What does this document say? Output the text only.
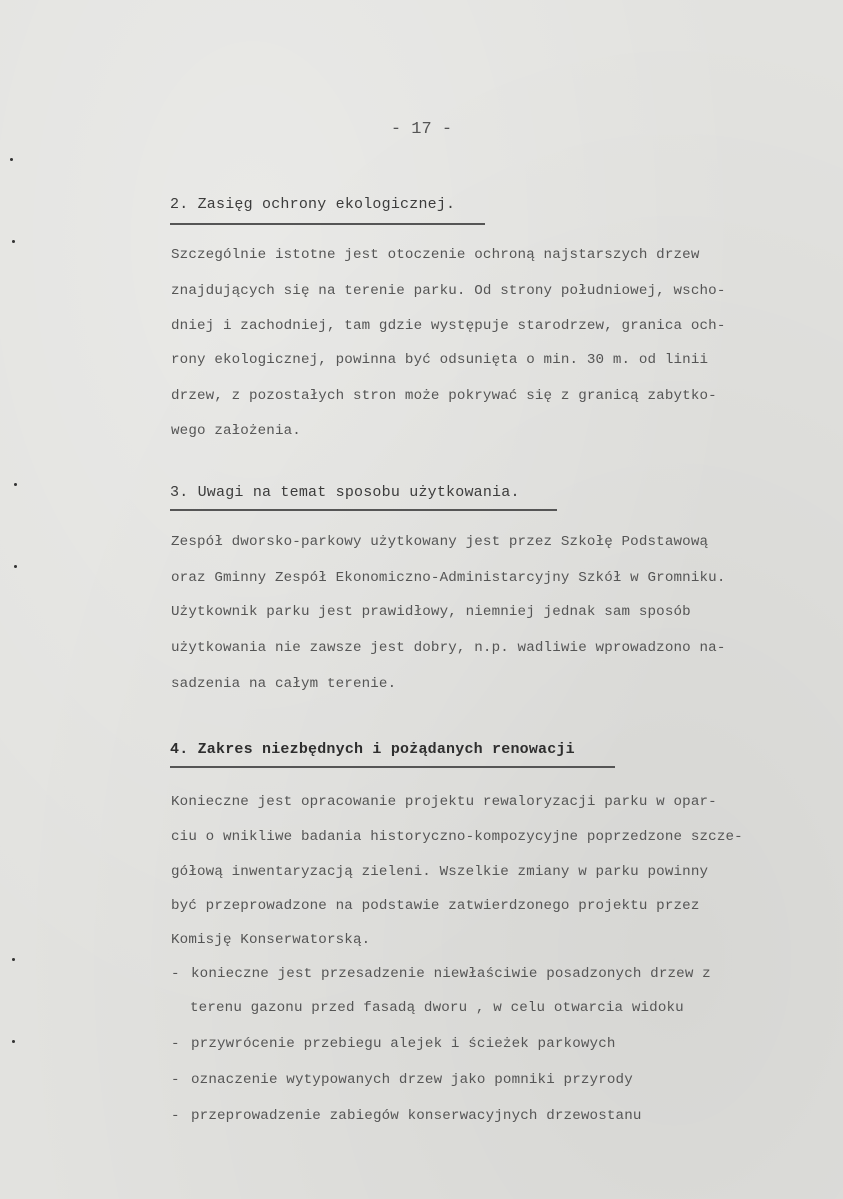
- 17 -
2. Zasięg ochrony ekologicznej.
Szczególnie istotne jest otoczenie ochroną najstarszych drzew
znajdujących się na terenie parku. Od strony południowej, wscho-
dniej i zachodniej, tam gdzie występuje starodrzew, granica och-
rony ekologicznej, powinna być odsunięta o min. 30 m. od linii
drzew, z pozostałych stron może pokrywać się z granicą zabytko-
wego założenia.
3. Uwagi na temat sposobu użytkowania.
Zespół dworsko-parkowy użytkowany jest przez Szkołę Podstawową
oraz Gminny Zespół Ekonomiczno-Administarcyjny Szkół w Gromniku.
Użytkownik parku jest prawidłowy, niemniej jednak sam sposób
użytkowania nie zawsze jest dobry, n.p. wadliwie wprowadzono na-
sadzenia na całym terenie.
4. Zakres niezbędnych i pożądanych renowacji
Konieczne jest opracowanie projektu rewaloryzacji parku w opar-
ciu o wnikliwe badania historyczno-kompozycyjne poprzedzone szcze-
gółową inwentaryzacją zieleni. Wszelkie zmiany w parku powinny
być przeprowadzone na podstawie zatwierdzonego projektu przez
Komisję Konserwatorską.
- konieczne jest przesadzenie niewłaściwie posadzonych drzew z
terenu gazonu przed fasadą dworu , w celu otwarcia widoku
- przywrócenie przebiegu alejek i ścieżek parkowych
- oznaczenie wytypowanych drzew jako pomniki przyrody
- przeprowadzenie zabiegów konserwacyjnych drzewostanu
